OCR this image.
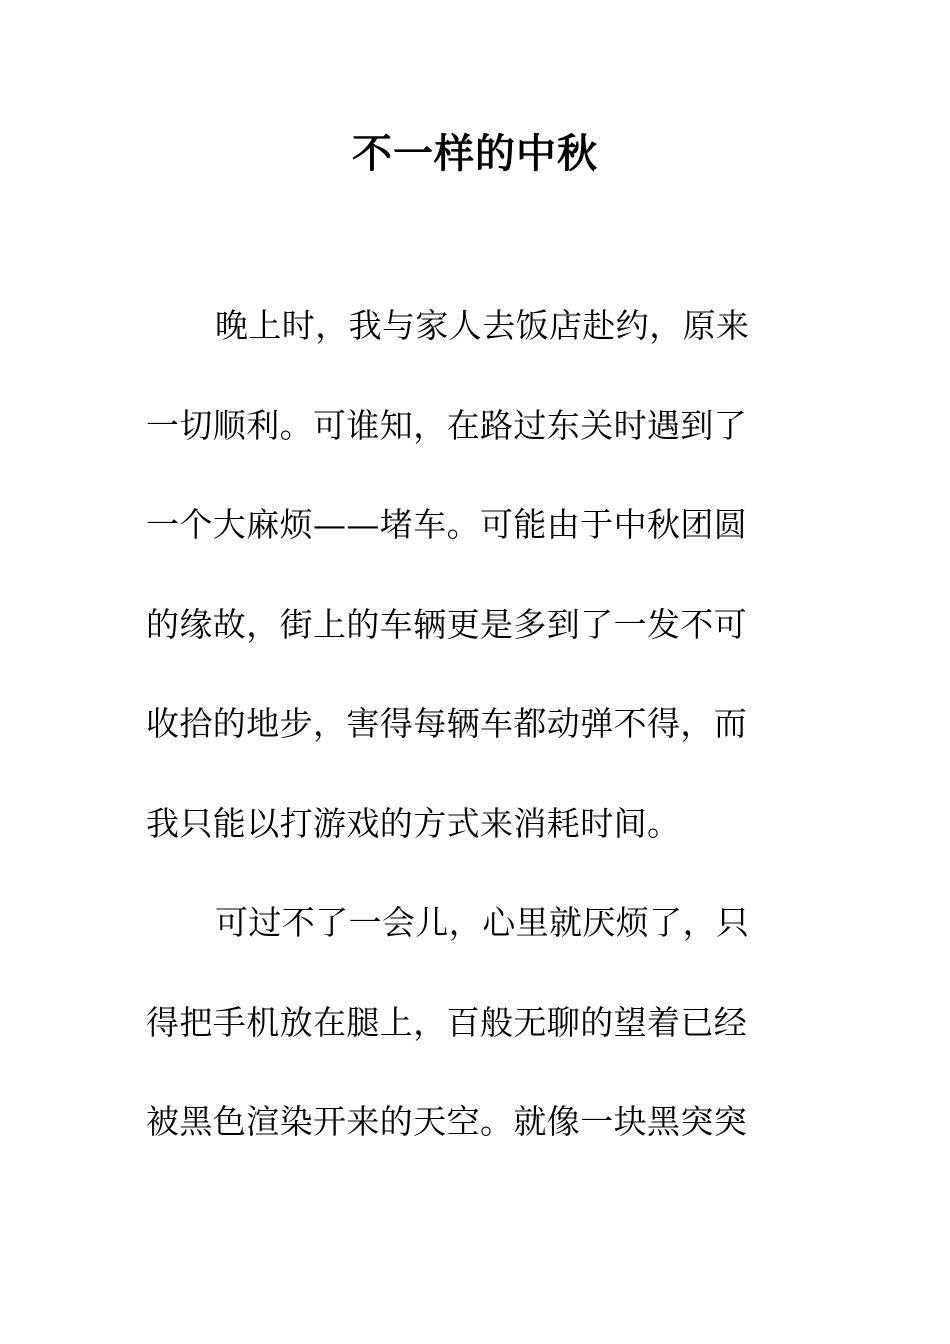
不一样的中秋
晚上时，我与家人去饭店赴约，原来
一切顺利。可谁知，在路过东关时遇到了
一个大麻烦——堵车。可能由于中秋团圆
的缘故，街上的车辆更是多到了一发不可
收拾的地步，害得每辆车都动弹不得，而
我只能以打游戏的方式来消耗时间。
可过不了一会儿，心里就厌烦了，只
得把手机放在腿上，百般无聊的望着已经
被黑色渲染开来的天空。就像一块黑突突
